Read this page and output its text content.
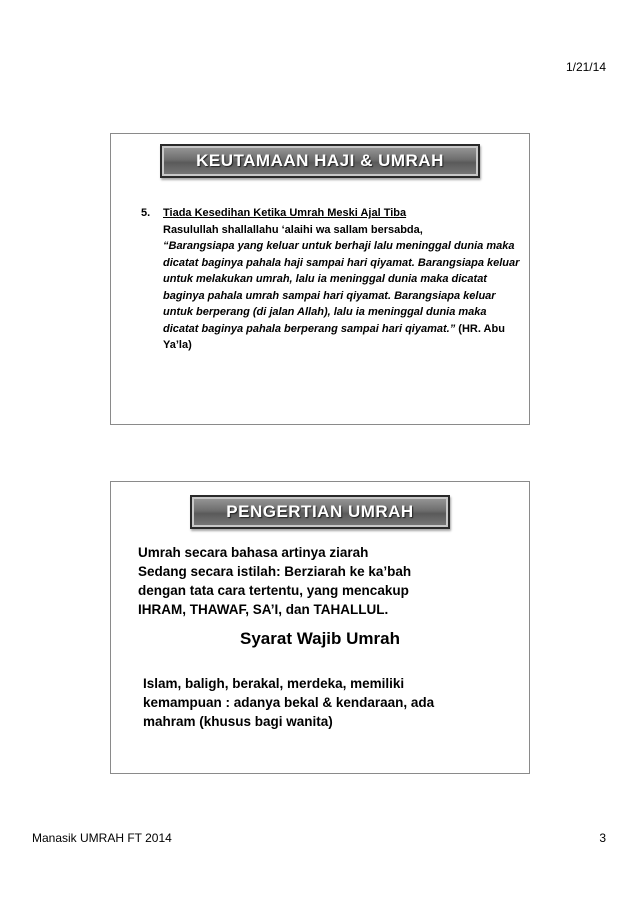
1/21/14
KEUTAMAAN HAJI & UMRAH
5.	Tiada Kesedihan Ketika Umrah Meski Ajal Tiba
Rasulullah shallallahu ‘alaihi wa sallam bersabda,
“Barangsiapa yang keluar untuk berhaji lalu meninggal dunia maka dicatat baginya pahala haji sampai hari qiyamat. Barangsiapa keluar untuk melakukan umrah, lalu ia meninggal dunia maka dicatat baginya pahala umrah sampai hari qiyamat. Barangsiapa keluar untuk berperang (di jalan Allah), lalu ia meninggal dunia maka dicatat baginya pahala berperang sampai hari qiyamat.” (HR. Abu Ya’la)
PENGERTIAN UMRAH
Umrah secara bahasa artinya ziarah
Sedang secara istilah: Berziarah ke ka’bah
dengan tata cara tertentu, yang mencakup
IHRAM, THAWAF, SA’I, dan TAHALLUL.
Syarat Wajib Umrah
Islam, baligh, berakal, merdeka, memiliki
kemampuan : adanya bekal & kendaraan, ada
mahram (khusus bagi wanita)
Manasik UMRAH FT 2014	3
